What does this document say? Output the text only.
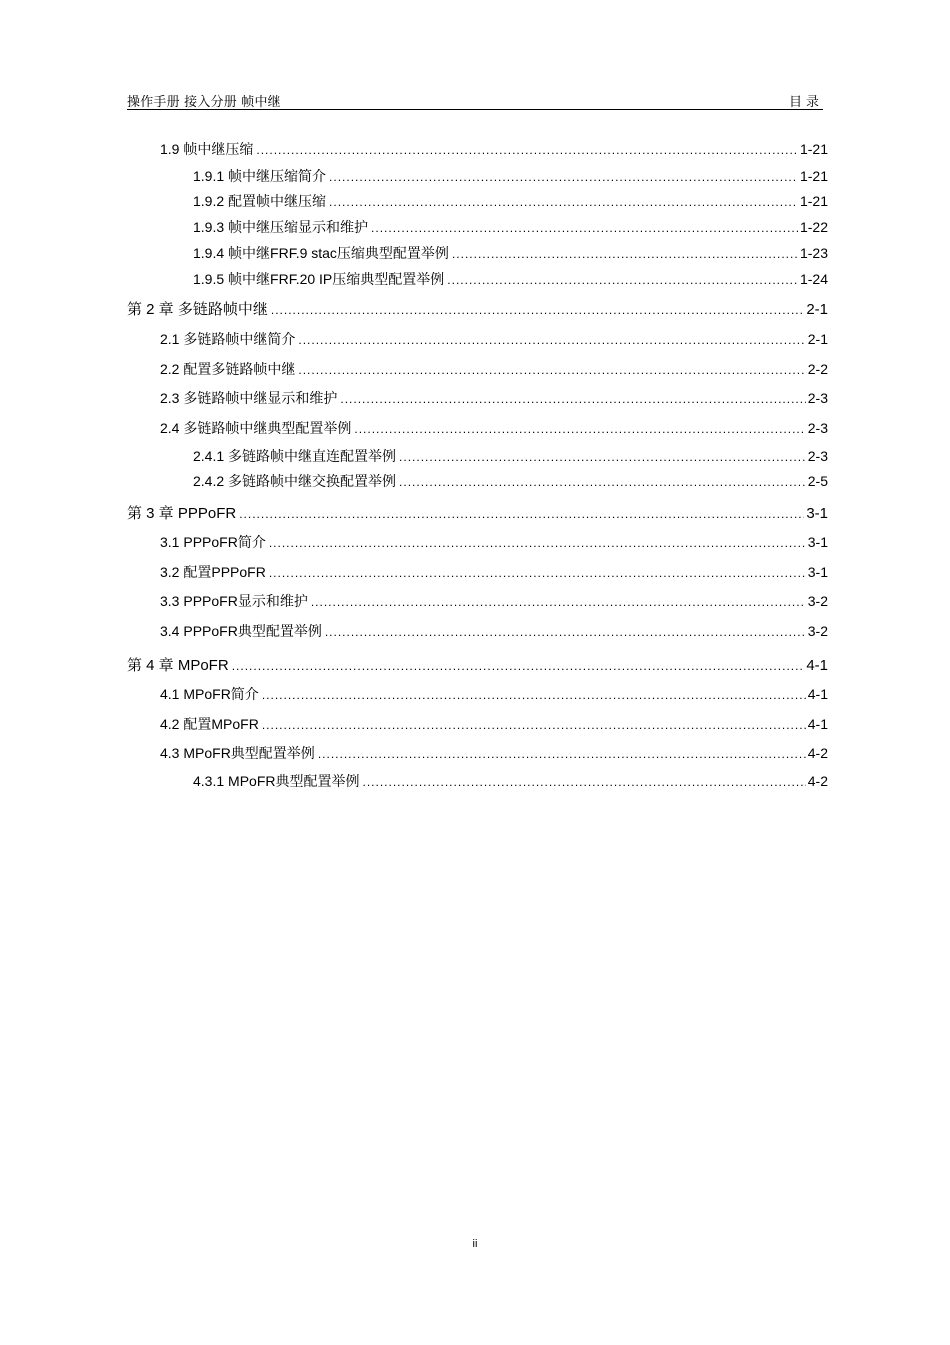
操作手册 接入分册 帧中继	目录
1.9 帧中继压缩 .....	1-21
1.9.1 帧中继压缩简介 .....	1-21
1.9.2 配置帧中继压缩 .....	1-21
1.9.3 帧中继压缩显示和维护 .....	1-22
1.9.4 帧中继FRF.9 stac压缩典型配置举例 .....	1-23
1.9.5 帧中继FRF.20 IP压缩典型配置举例 .....	1-24
第 2 章 多链路帧中继 .....	2-1
2.1 多链路帧中继简介 .....	2-1
2.2 配置多链路帧中继 .....	2-2
2.3 多链路帧中继显示和维护 .....	2-3
2.4 多链路帧中继典型配置举例 .....	2-3
2.4.1 多链路帧中继直连配置举例 .....	2-3
2.4.2 多链路帧中继交换配置举例 .....	2-5
第 3 章 PPPoFR .....	3-1
3.1 PPPoFR简介 .....	3-1
3.2 配置PPPoFR .....	3-1
3.3 PPPoFR显示和维护 .....	3-2
3.4 PPPoFR典型配置举例 .....	3-2
第 4 章 MPoFR .....	4-1
4.1 MPoFR简介 .....	4-1
4.2 配置MPoFR .....	4-1
4.3 MPoFR典型配置举例 .....	4-2
4.3.1 MPoFR典型配置举例 .....	4-2
ii
